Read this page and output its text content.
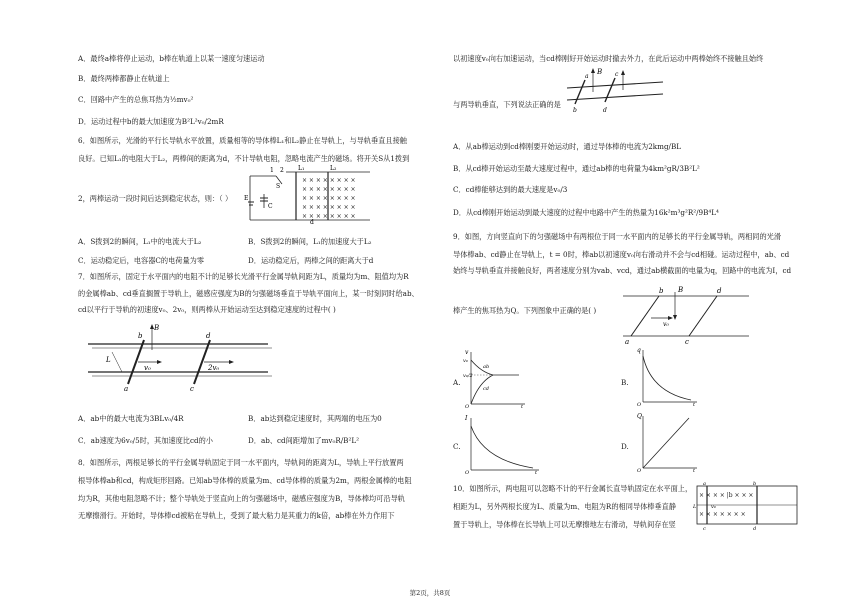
A．最终a棒将停止运动，b棒在轨道上以某一速度匀速运动
B．最终两棒都静止在轨道上
C．回路中产生的总焦耳热为½mv₀²
D．运动过程中b的最大加速度为B²L²v₀/2mR
6．如图所示，光滑的平行长导轨水平放置，质量相等的导体棒L₁和L₂静止在导轨上，与导轨垂直且接触
良好。已知L₁的电阻大于L₂，两棒间的距离为d，不计导轨电阻，忽略电流产生的磁场。将开关S从1拨到
× × × × × × × ×
× × × × × × × ×
× × × × × × × ×
× × × × × × × ×
× × × × × × × ×
1 2
S
E
C
L₁	L₂
d
2，两棒运动一段时间后达到稳定状态，则：（ ）
A．S拨到2的瞬间，L₁中的电流大于L₂	B．S拨到2的瞬间，L₁的加速度大于L₂
C．运动稳定后，电容器C的电荷量为零	D．运动稳定后，两棒之间的距离大于d
7．如图所示，固定于水平面内的电阻不计的足够长光滑平行金属导轨间距为L，质量均为m、阻值均为R
的金属棒ab、cd垂直搁置于导轨上，磁感应强度为B的匀强磁场垂直于导轨平面向上，某一时刻同时给ab、
cd以平行于导轨的初速度v₀、2v₀，则两棒从开始运动至达到稳定速度的过程中( )
B
b	d
L
v₀	2v₀
a	c
A．ab中的最大电流为3BLv₀/4R	B．ab达到稳定速度时，其两端的电压为0
C．ab速度为6v₀/5时，其加速度比cd的小	D．ab、cd间距增加了mv₀R/B²L²
8．如图所示，两根足够长的平行金属导轨固定于同一水平面内，导轨间的距离为L，导轨上平行放置两
根导体棒ab和cd，构成矩形回路。已知ab导体棒的质量为m、cd导体棒的质量为2m，两根金属棒的电阻
均为R，其他电阻忽略不计；整个导轨处于竖直向上的匀强磁场中，磁感应强度为B，导体棒均可沿导轨
无摩擦滑行。开始时，导体棒cd被粘在导轨上，受到了最大粘力是其重力的k倍，ab棒在外力作用下
以初速度v₀向右加速运动，当cd棒刚好开始运动时撤去外力，在此后运动中两棒始终不接触且始终
B
a	c
b	d
与两导轨垂直，下列说法正确的是
A．从ab棒运动到cd棒刚要开始运动时，通过导体棒的电流为2kmg/BL
B．从cd棒开始运动至最大速度过程中，通过ab棒的电荷量为4km²gR/3B²L²
C．cd棒能够达到的最大速度是v₀/3
D．从cd棒刚开始运动到最大速度的过程中电路中产生的热量为16k²m³g²R²/9B⁴L⁴
9．如图，方向竖直向下的匀强磁场中有两根位于同一水平面内的足够长的平行金属导轨，两相同的光滑
导体棒ab、cd静止在导轨上，t = 0时，棒ab以初速度v₀向右滑动并不会与cd相碰。运动过程中，ab、cd
始终与导轨垂直并接触良好，两者速度分别为vab、vcd，通过ab横截面的电量为q，回路中的电流为I，cd
b B	d
v₀
a	c
棒产生的焦耳热为Q。下列图象中正确的是( )
A.
v
v₀
v₀/2
ab
cd
O	t
B.
q
O	t
C.
I
O	t
D.
Q
O	t
10．如图所示，两电阻可以忽略不计的平行金属长直导轨固定在水平面上，
相距为L，另外两根长度为L、质量为m、电阻为R的相同导体棒垂直静
置于导轨上，导体棒在长导轨上可以无摩擦地左右滑动，导轨间存在竖
× × × × |b × × ×
× × × × × × ×
a	b
L	v₀
c	d
第2页，共8页
